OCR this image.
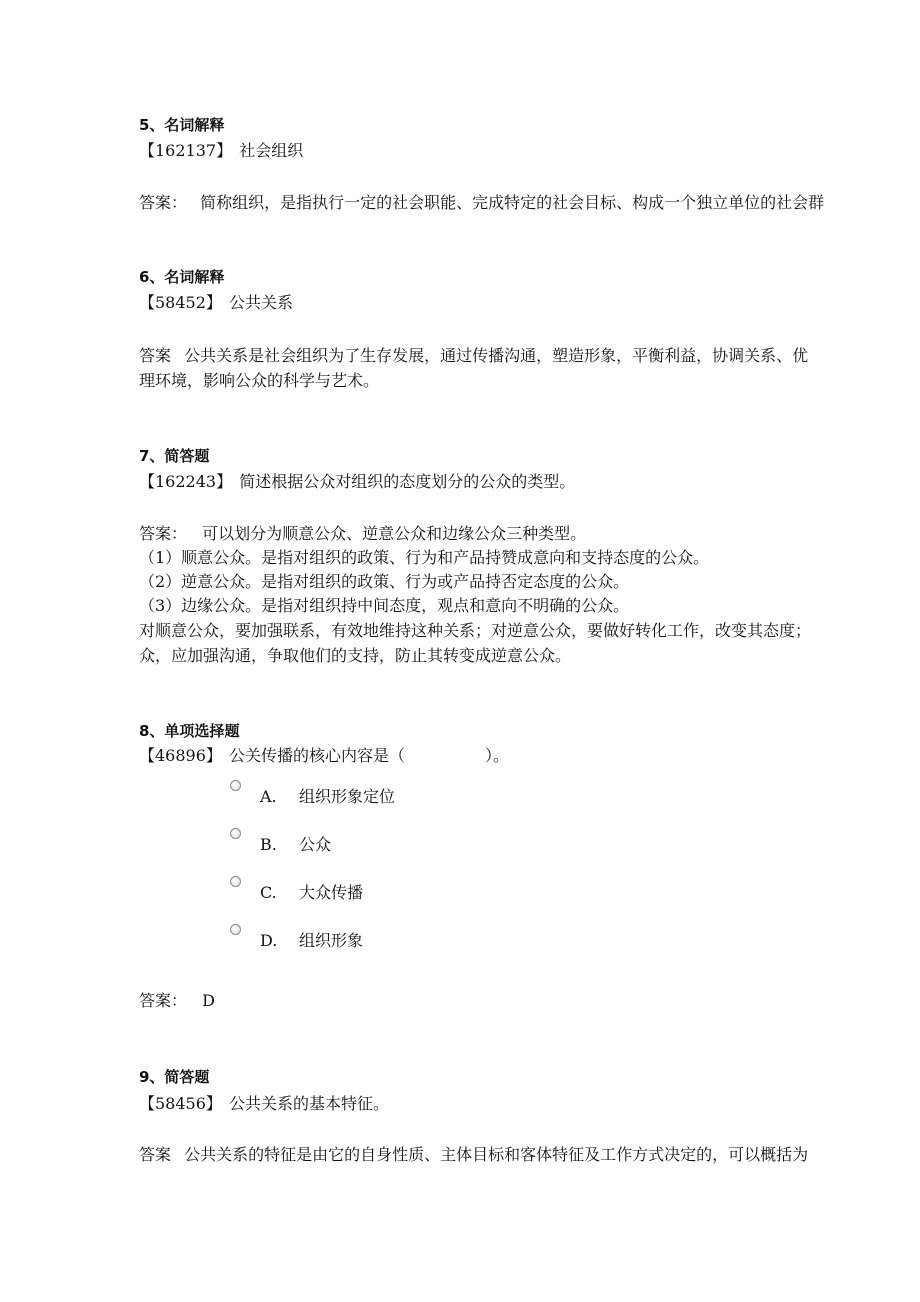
5、名词解释
【162137】 社会组织
答案： 简称组织，是指执行一定的社会职能、完成特定的社会目标、构成一个独立单位的社会群
6、名词解释
【58452】 公共关系
答案 公共关系是社会组织为了生存发展，通过传播沟通，塑造形象，平衡利益，协调关系、优
理环境，影响公众的科学与艺术。
7、简答题
【162243】 简述根据公众对组织的态度划分的公众的类型。
答案： 可以划分为顺意公众、逆意公众和边缘公众三种类型。
（1）顺意公众。是指对组织的政策、行为和产品持赞成意向和支持态度的公众。
（2）逆意公众。是指对组织的政策、行为或产品持否定态度的公众。
（3）边缘公众。是指对组织持中间态度，观点和意向不明确的公众。
对顺意公众，要加强联系，有效地维持这种关系；对逆意公众，要做好转化工作，改变其态度；
众，应加强沟通，争取他们的支持，防止其转变成逆意公众。
8、单项选择题
【46896】 公关传播的核心内容是（　　　　　）。
A. 组织形象定位
B. 公众
C. 大众传播
D. 组织形象
答案： D
9、简答题
【58456】 公共关系的基本特征。
答案 公共关系的特征是由它的自身性质、主体目标和客体特征及工作方式决定的，可以概括为
